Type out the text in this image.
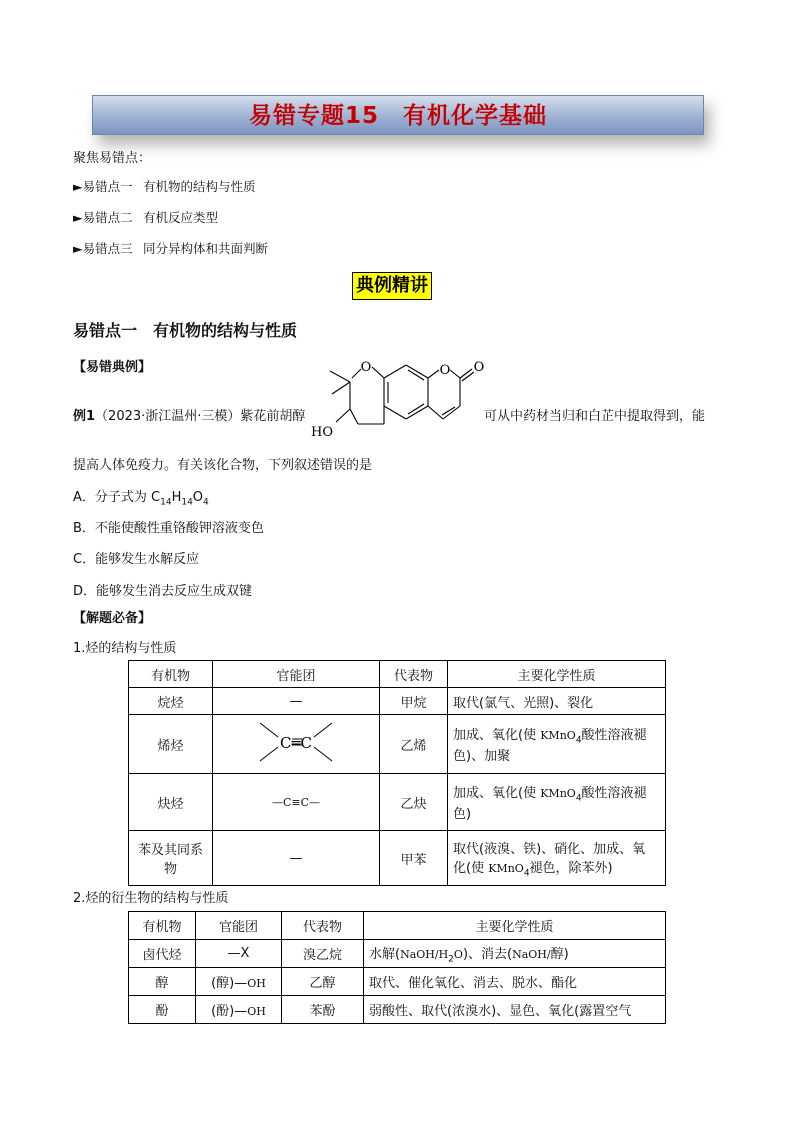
易错专题15　有机化学基础
聚焦易错点：
►易错点一 有机物的结构与性质
►易错点二 有机反应类型
►易错点三 同分异构体和共面判断
典例精讲
易错点一　有机物的结构与性质
【易错典例】
例1（2023·浙江温州·三模）紫花前胡醇
O	O O
HO
可从中药材当归和白芷中提取得到，能
提高人体免疫力。有关该化合物，下列叙述错误的是
A．分子式为 $C_{14}H_{14}O_4$
B．不能使酸性重铬酸钾溶液变色
C．能够发生水解反应
D．能够发生消去反应生成双键
【解题必备】
1.烃的结构与性质
有机物	官能团	代表物	主要化学性质
烷烃	—	甲烷	取代(氯气、光照)、裂化
烯烃	C═C	乙烯	加成、氧化(使 KMnO$_4$酸性溶液褪
色)、加聚
炔烃	—C≡C—	乙炔	加成、氧化(使 KMnO$_4$酸性溶液褪
色)
苯及其同系
物	—	甲苯	取代(液溴、铁)、硝化、加成、氧
化(使 KMnO$_4$褪色，除苯外)
2.烃的衍生物的结构与性质
有机物	官能团	代表物	主要化学性质
卤代烃	—X	溴乙烷	水解$(NaOH/H_2O)$、消去(NaOH/醇)
醇	(醇)—OH	乙醇	取代、催化氧化、消去、脱水、酯化
酚	(酚)—OH	苯酚	弱酸性、取代(浓溴水)、显色、氧化(露置空气
